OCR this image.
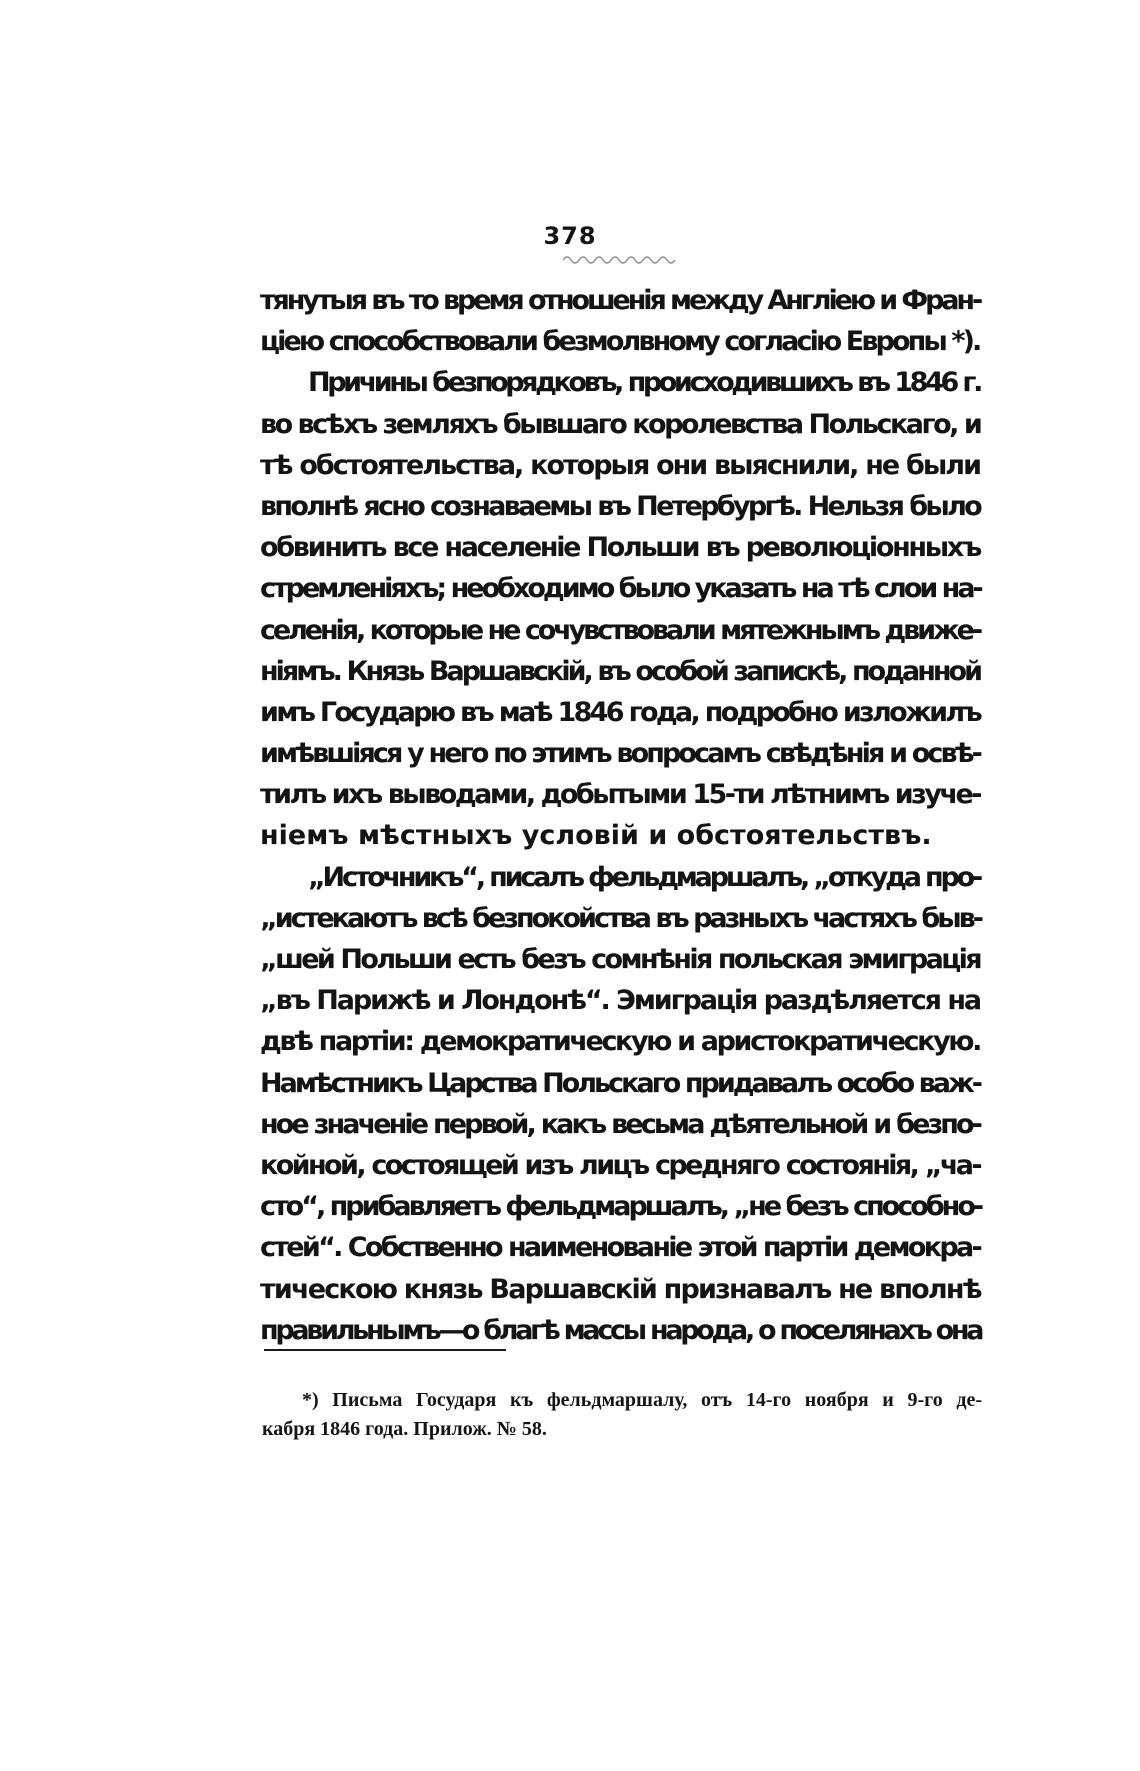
378
тянутыя въ то время отношенія между Англіею и Фран-
ціею способствовали безмолвному согласію Европы *).
Причины безпорядковъ, происходившихъ въ 1846 г.
во всѣхъ земляхъ бывшаго королевства Польскаго, и
тѣ обстоятельства, которыя они выяснили, не были
вполнѣ ясно сознаваемы въ Петербургѣ. Нельзя было
обвинить все населеніе Польши въ революціонныхъ
стремленіяхъ; необходимо было указать на тѣ слои на-
селенія, которые не сочувствовали мятежнымъ движе-
ніямъ. Князь Варшавскій, въ особой запискѣ, поданной
имъ Государю въ маѣ 1846 года, подробно изложилъ
имѣвшіяся у него по этимъ вопросамъ свѣдѣнія и освѣ-
тилъ ихъ выводами, добытыми 15-ти лѣтнимъ изуче-
ніемъ мѣстныхъ условій и обстоятельствъ.
„Источникъ“, писалъ фельдмаршалъ, „откуда про-
„истекаютъ всѣ безпокойства въ разныхъ частяхъ быв-
„шей Польши есть безъ сомнѣнія польская эмиграція
„въ Парижѣ и Лондонѣ“. Эмиграція раздѣляется на
двѣ партіи: демократическую и аристократическую.
Намѣстникъ Царства Польскаго придавалъ особо важ-
ное значеніе первой, какъ весьма дѣятельной и безпо-
койной, состоящей изъ лицъ средняго состоянія, „ча-
сто“, прибавляетъ фельдмаршалъ, „не безъ способно-
стей“. Собственно наименованіе этой партіи демокра-
тическою князь Варшавскій признавалъ не вполнѣ
правильнымъ—о благѣ массы народа, о поселянахъ она
*) Письма Государя къ фельдмаршалу, отъ 14-го ноября и 9-го де-
кабря 1846 года. Прилож. № 58.
